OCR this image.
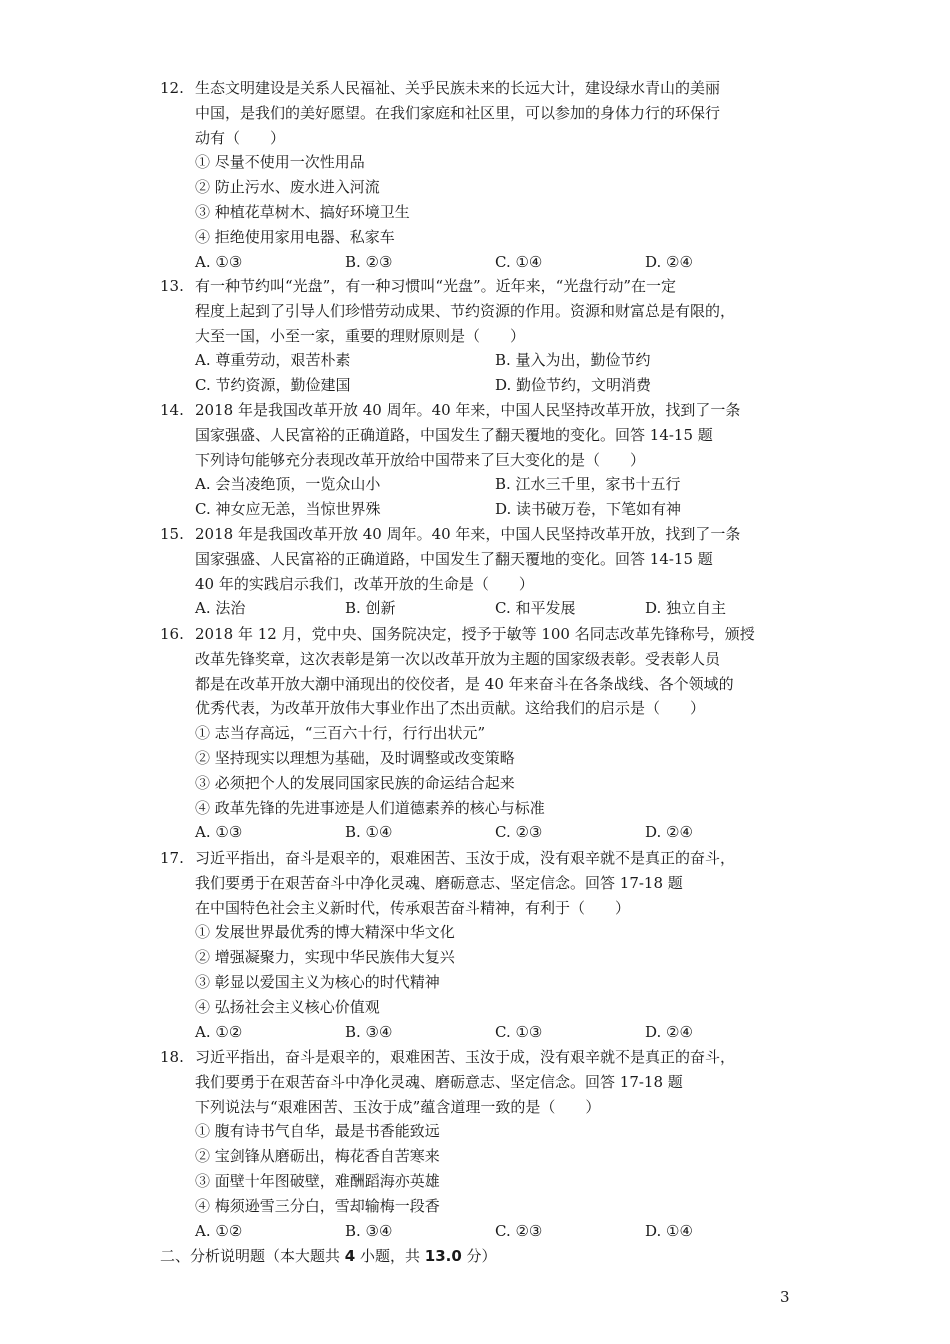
12. 生态文明建设是关系人民福祉、关乎民族未来的长远大计，建设绿水青山的美丽
中国，是我们的美好愿望。在我们家庭和社区里，可以参加的身体力行的环保行
动有（　　）
① 尽量不使用一次性用品
② 防止污水、废水进入河流
③ 种植花草树木、搞好环境卫生
④ 拒绝使用家用电器、私家车
A. ①③	B. ②③	C. ①④	D. ②④
13. 有一种节约叫“光盘”，有一种习惯叫“光盘”。近年来，“光盘行动”在一定
程度上起到了引导人们珍惜劳动成果、节约资源的作用。资源和财富总是有限的，
大至一国，小至一家，重要的理财原则是（　　）
A. 尊重劳动，艰苦朴素	B. 量入为出，勤俭节约
C. 节约资源，勤俭建国	D. 勤俭节约，文明消费
14. 2018 年是我国改革开放 40 周年。40 年来，中国人民坚持改革开放，找到了一条
国家强盛、人民富裕的正确道路，中国发生了翻天覆地的变化。回答 14-15 题
下列诗句能够充分表现改革开放给中国带来了巨大变化的是（　　）
A. 会当凌绝顶，一览众山小	B. 江水三千里，家书十五行
C. 神女应无恙，当惊世界殊	D. 读书破万卷，下笔如有神
15. 2018 年是我国改革开放 40 周年。40 年来，中国人民坚持改革开放，找到了一条
国家强盛、人民富裕的正确道路，中国发生了翻天覆地的变化。回答 14-15 题
40 年的实践启示我们，改革开放的生命是（　　）
A. 法治	B. 创新	C. 和平发展	D. 独立自主
16. 2018 年 12 月，党中央、国务院决定，授予于敏等 100 名同志改革先锋称号，颁授
改革先锋奖章，这次表彰是第一次以改革开放为主题的国家级表彰。受表彰人员
都是在改革开放大潮中涌现出的佼佼者，是 40 年来奋斗在各条战线、各个领域的
优秀代表，为改革开放伟大事业作出了杰出贡献。这给我们的启示是（　　）
① 志当存高远，“三百六十行，行行出状元”
② 坚持现实以理想为基础，及时调整或改变策略
③ 必须把个人的发展同国家民族的命运结合起来
④ 政革先锋的先进事迹是人们道德素养的核心与标准
A. ①③	B. ①④	C. ②③	D. ②④
17. 习近平指出，奋斗是艰辛的，艰难困苦、玉汝于成，没有艰辛就不是真正的奋斗，
我们要勇于在艰苦奋斗中净化灵魂、磨砺意志、坚定信念。回答 17-18 题
在中国特色社会主义新时代，传承艰苦奋斗精神，有利于（　　）
① 发展世界最优秀的博大精深中华文化
② 增强凝聚力，实现中华民族伟大复兴
③ 彰显以爱国主义为核心的时代精神
④ 弘扬社会主义核心价值观
A. ①②	B. ③④	C. ①③	D. ②④
18. 习近平指出，奋斗是艰辛的，艰难困苦、玉汝于成，没有艰辛就不是真正的奋斗，
我们要勇于在艰苦奋斗中净化灵魂、磨砺意志、坚定信念。回答 17-18 题
下列说法与“艰难困苦、玉汝于成”蕴含道理一致的是（　　）
① 腹有诗书气自华，最是书香能致远
② 宝剑锋从磨砺出，梅花香自苦寒来
③ 面壁十年图破壁，难酬蹈海亦英雄
④ 梅须逊雪三分白，雪却输梅一段香
A. ①②	B. ③④	C. ②③	D. ①④
二、分析说明题（本大题共 4 小题，共 13.0 分）
3
